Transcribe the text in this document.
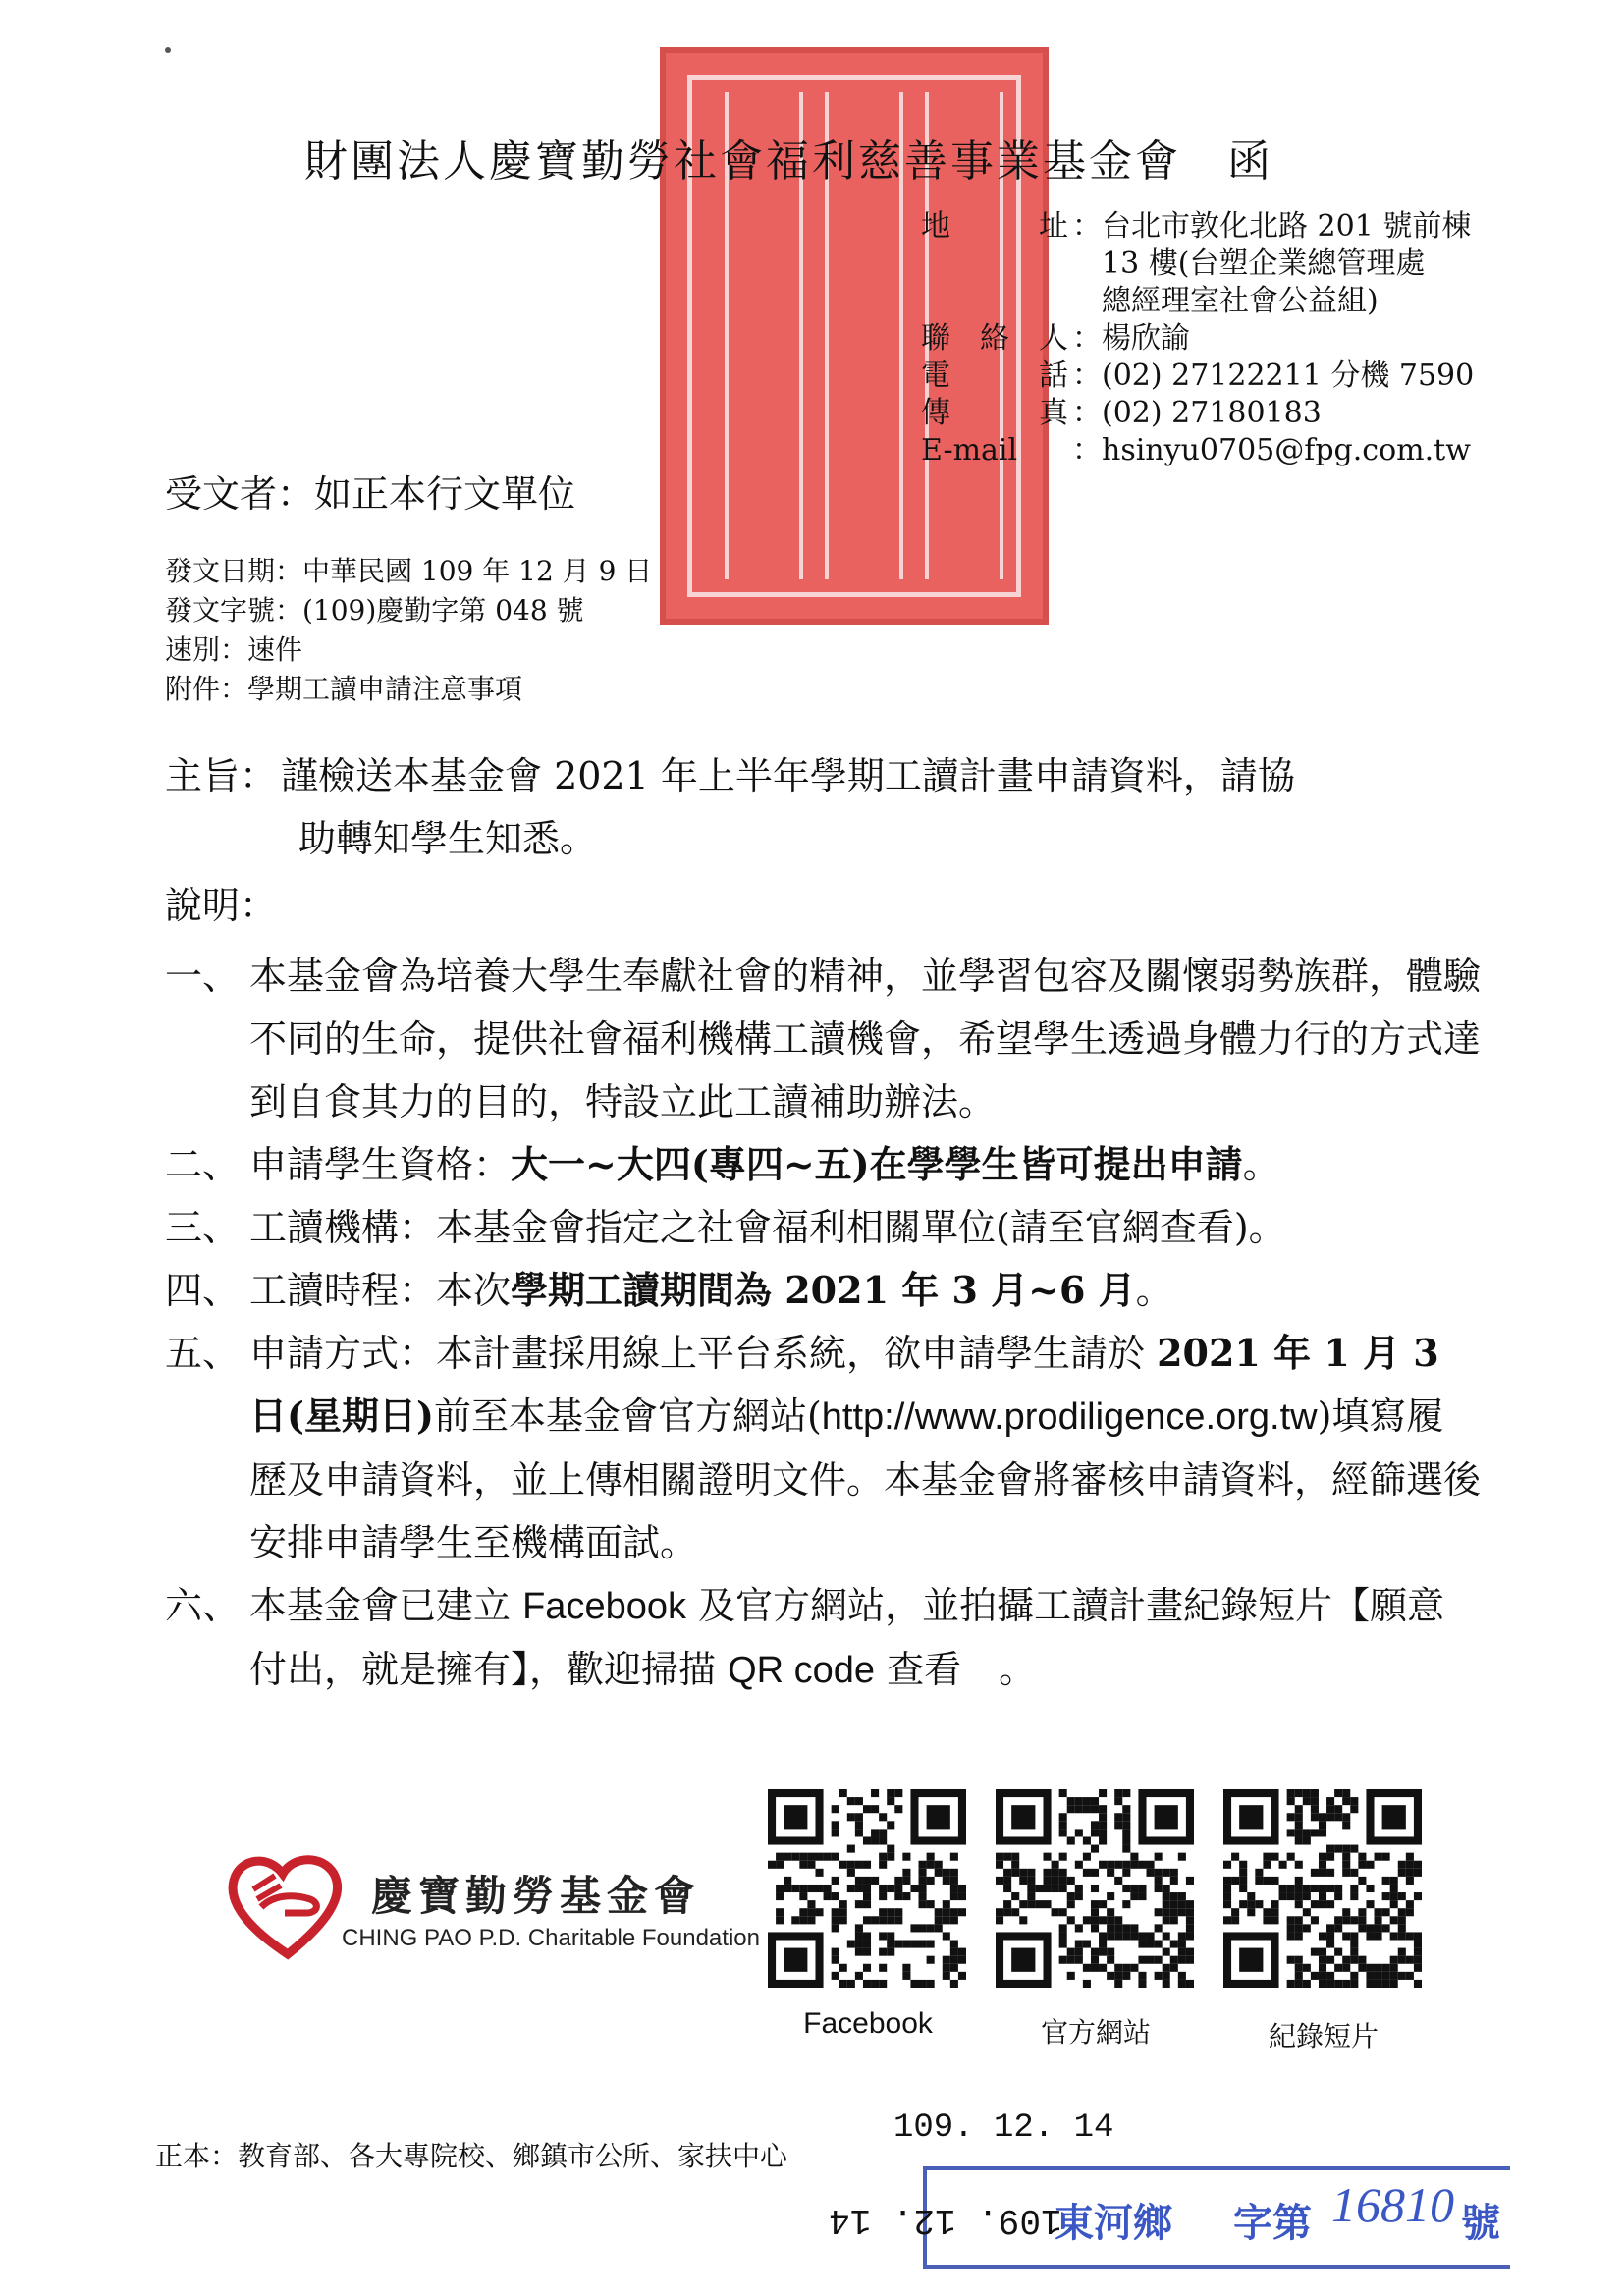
財團法人慶寶勤勞社會福利慈善事業基金會　函
地　址 ：台北市敦化北路 201 號前棟
　13 樓(台塑企業總管理處
　總經理室社會公益組)
聯絡人 ：楊欣諭
電　話 ：(02) 27122211 分機 7590
傳　真 ：(02) 27180183
E-mail	：hsinyu0705@fpg.com.tw
受文者：如正本行文單位
發文日期：中華民國 109 年 12 月 9 日
發文字號：(109)慶勤字第 048 號
速別：速件
附件：學期工讀申請注意事項
主旨： 謹檢送本基金會 2021 年上半年學期工讀計畫申請資料，請協
助轉知學生知悉。
說明：
一、 本基金會為培養大學生奉獻社會的精神，並學習包容及關懷弱勢族群，體驗不同的生命，提供社會福利機構工讀機會，希望學生透過身體力行的方式達到自食其力的目的，特設立此工讀補助辦法。
二、 申請學生資格：大一~大四(專四~五)在學學生皆可提出申請。
三、 工讀機構：本基金會指定之社會福利相關單位(請至官網查看)。
四、 工讀時程：本次學期工讀期間為 2021 年 3 月~6 月。
五、 申請方式：本計畫採用線上平台系統，欲申請學生請於 2021 年 1 月 3 日(星期日)前至本基金會官方網站(http://www.prodiligence.org.tw)填寫履歷及申請資料，並上傳相關證明文件。本基金會將審核申請資料，經篩選後安排申請學生至機構面試。
六、 本基金會已建立 Facebook 及官方網站，並拍攝工讀計畫紀錄短片【願意付出，就是擁有】，歡迎掃描 QR code 查看　。
慶寶勤勞基金會
CHING PAO P.D. Charitable Foundation
Facebook	官方網站	紀錄短片
109. 12. 14
正本：教育部、各大專院校、鄉鎮市公所、家扶中心
109. 12. 14
東河鄉 字第 16810 號
